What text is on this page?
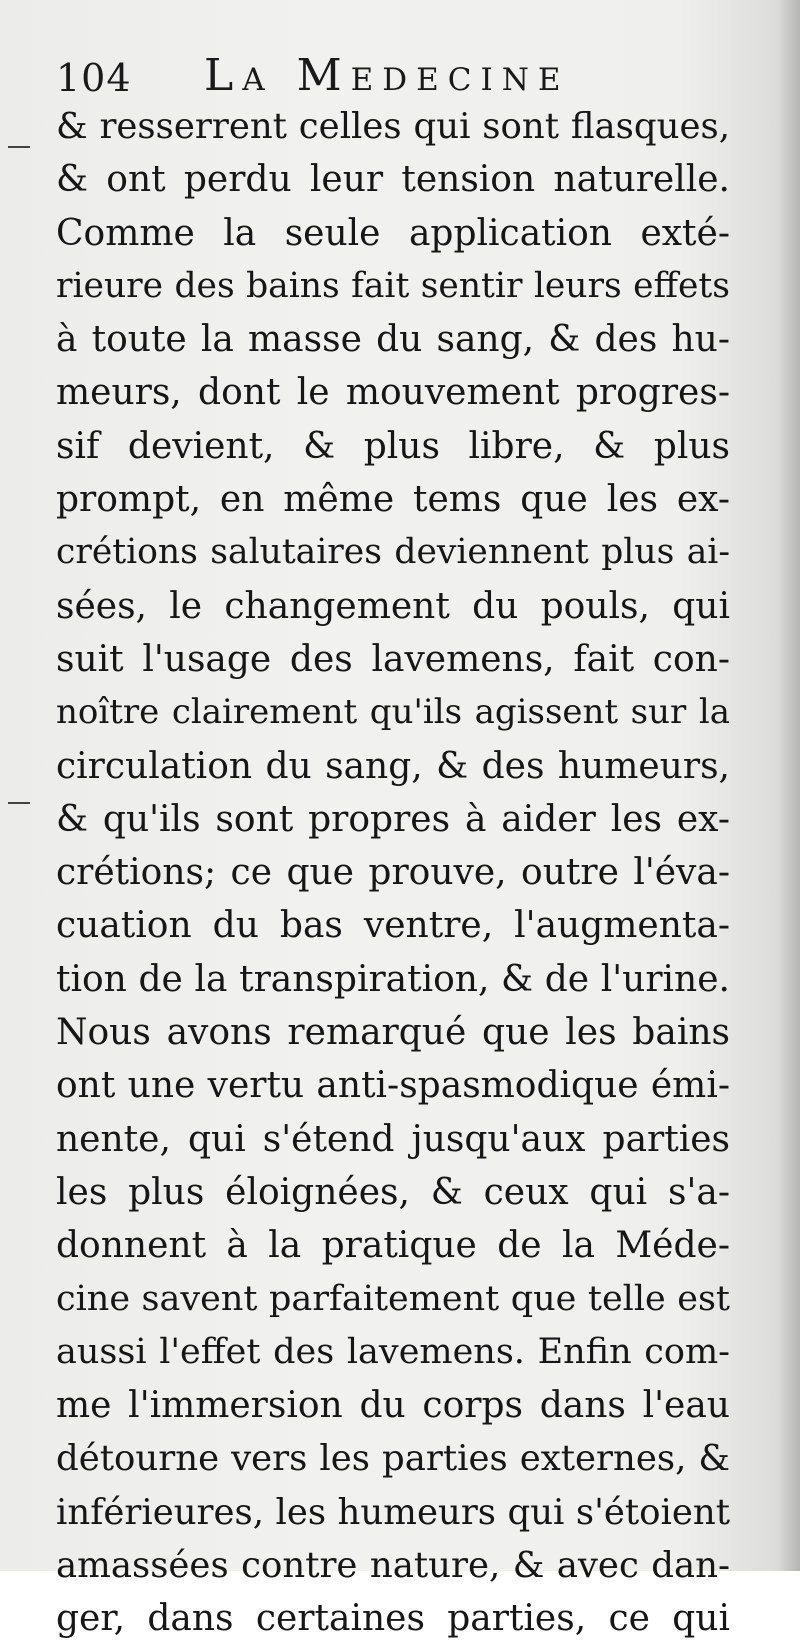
104 La Medecine
& resserrent celles qui sont flasques,
& ont perdu leur tension naturelle.
Comme la seule application exté-
rieure des bains fait sentir leurs effets
à toute la masse du sang, & des hu-
meurs, dont le mouvement progres-
sif devient, & plus libre, & plus
prompt, en même tems que les ex-
crétions salutaires deviennent plus ai-
sées, le changement du pouls, qui
suit l'usage des lavemens, fait con-
noître clairement qu'ils agissent sur la
circulation du sang, & des humeurs,
& qu'ils sont propres à aider les ex-
crétions; ce que prouve, outre l'éva-
cuation du bas ventre, l'augmenta-
tion de la transpiration, & de l'urine.
Nous avons remarqué que les bains
ont une vertu anti-spasmodique émi-
nente, qui s'étend jusqu'aux parties
les plus éloignées, & ceux qui s'a-
donnent à la pratique de la Méde-
cine savent parfaitement que telle est
aussi l'effet des lavemens. Enfin com-
me l'immersion du corps dans l'eau
détourne vers les parties externes, &
inférieures, les humeurs qui s'étoient
amassées contre nature, & avec dan-
ger, dans certaines parties, ce qui
